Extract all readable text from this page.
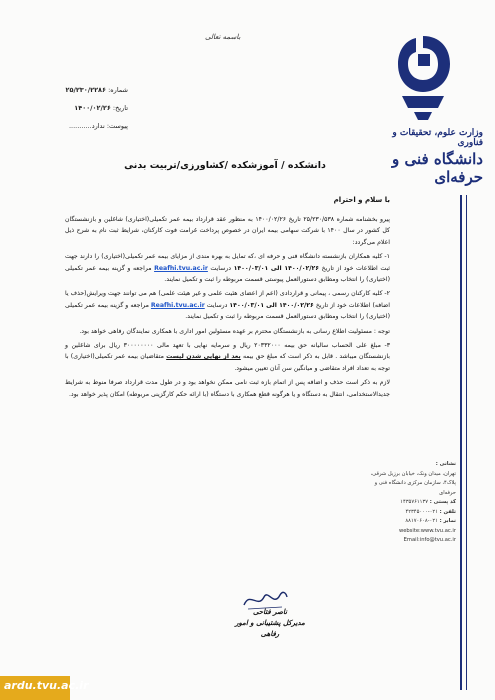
باسمه تعالی
شماره: ۲۵/۲۳۰/۲۲۸۶
تاریخ: ۱۴۰۰/۰۲/۲۶
پیوست: ندارد...........
وزارت علوم، تحقیقات و فناوری
دانشگاه فنی و حرفه‌ای
دانشکده / آموزشکده /کشاورزی/تربیت بدنی
با سلام و احترام

پیرو بخشنامه شماره ۲۵/۲۳۰/۵۳۸ تاریخ ۱۴۰۰/۰۲/۲۶ به منظور عقد قرارداد بیمه عمر تکمیلی(اختیاری) شاغلین و بازنشستگان کل کشور در سال ۱۴۰۰ با شرکت سهامی بیمه ایران در خصوص پرداخت غرامت فوت کارکنان، شرایط ثبت نام به شرح ذیل اعلام می‌گردد:

۱- کلیه همکاران بازنشسته دانشگاه فنی و حرفه ای ،که تمایل به بهره مندی از مزایای بیمه عمر تکمیلی(اختیاری) را دارند جهت ثبت اطلاعات خود از تاریخ ۱۴۰۰/۰۲/۲۶ الی ۱۴۰۰/۰۳/۰۱ درسایت Reafhi.tvu.ac.ir مراجعه و گزینه بیمه عمر تکمیلی (اختیاری) را انتخاب ومطابق دستورالعمل پیوستی قسمت مربوطه را ثبت و تکمیل نمایند.

۲- کلیه کارکنان رسمی ، پیمانی و قراردادی (اعم از اعضای هئیت علمی و غیر هیئت علمی) هم می توانند جهت ویرایش(حذف یا اضافه) اطلاعات خود از تاریخ ۱۴۰۰/۰۲/۲۶ الی ۱۴۰۰/۰۳/۰۱ درسایت Reafhi.tvu.ac.ir مراجعه و گزینه بیمه عمر تکمیلی (اختیاری) را انتخاب ومطابق دستورالعمل قسمت مربوطه را ثبت و تکمیل نمایند.

توجه : مسئولیت اطلاع رسانی به بازنشستگان محترم بر عهده مسئولین امور اداری با همکاری نمایندگان رفاهی خواهد بود.

۳- مبلغ علی الحساب سالیانه حق بیمه ۲۰۳۳۲۰۰۰ ریال و سرمایه نهایی با تعهد مالی ۳۰۰۰۰۰۰۰۰ ریال برای شاغلین و بازنشستگان میباشد . قابل به ذکر است که مبلغ حق بیمه بعد از نهایی شدن لیست متقاضیان بیمه عمر تکمیلی(اختیاری) با توجه به تعداد افراد متقاضی و میانگین سن آنان تعیین میشود.

لازم به ذکر است حذف و اضافه پس از اتمام بازه ثبت نامی ممکن نخواهد بود و در طول مدت قرارداد صرفا منوط به شرایط جدیدالاستخدامی، انتقال به دستگاه و یا هرگونه قطع همکاری با دستگاه (با ارائه حکم کارگزینی مربوطه) امکان پذیر خواهد بود.

ناصر فتاحی
مدیرکل پشتیبانی و امور رفاهی
نشانی :
تهران، میدان ونک، خیابان برزیل شرقی، پلاک۴، سازمان مرکزی دانشگاه فنی و حرفه‌ای
کد پستی : ۱۴۳۵۷۶۱۱۳۷
تلفن : ۰۲۱-۴۲۳۴۵۰۰۰
نمابر : ۰۲۱-۸۸۱۷۰۶۰۸
website:www.tvu.ac.ir
Email:info@tvu.ac.ir
ardu.tvu.ac.ir
